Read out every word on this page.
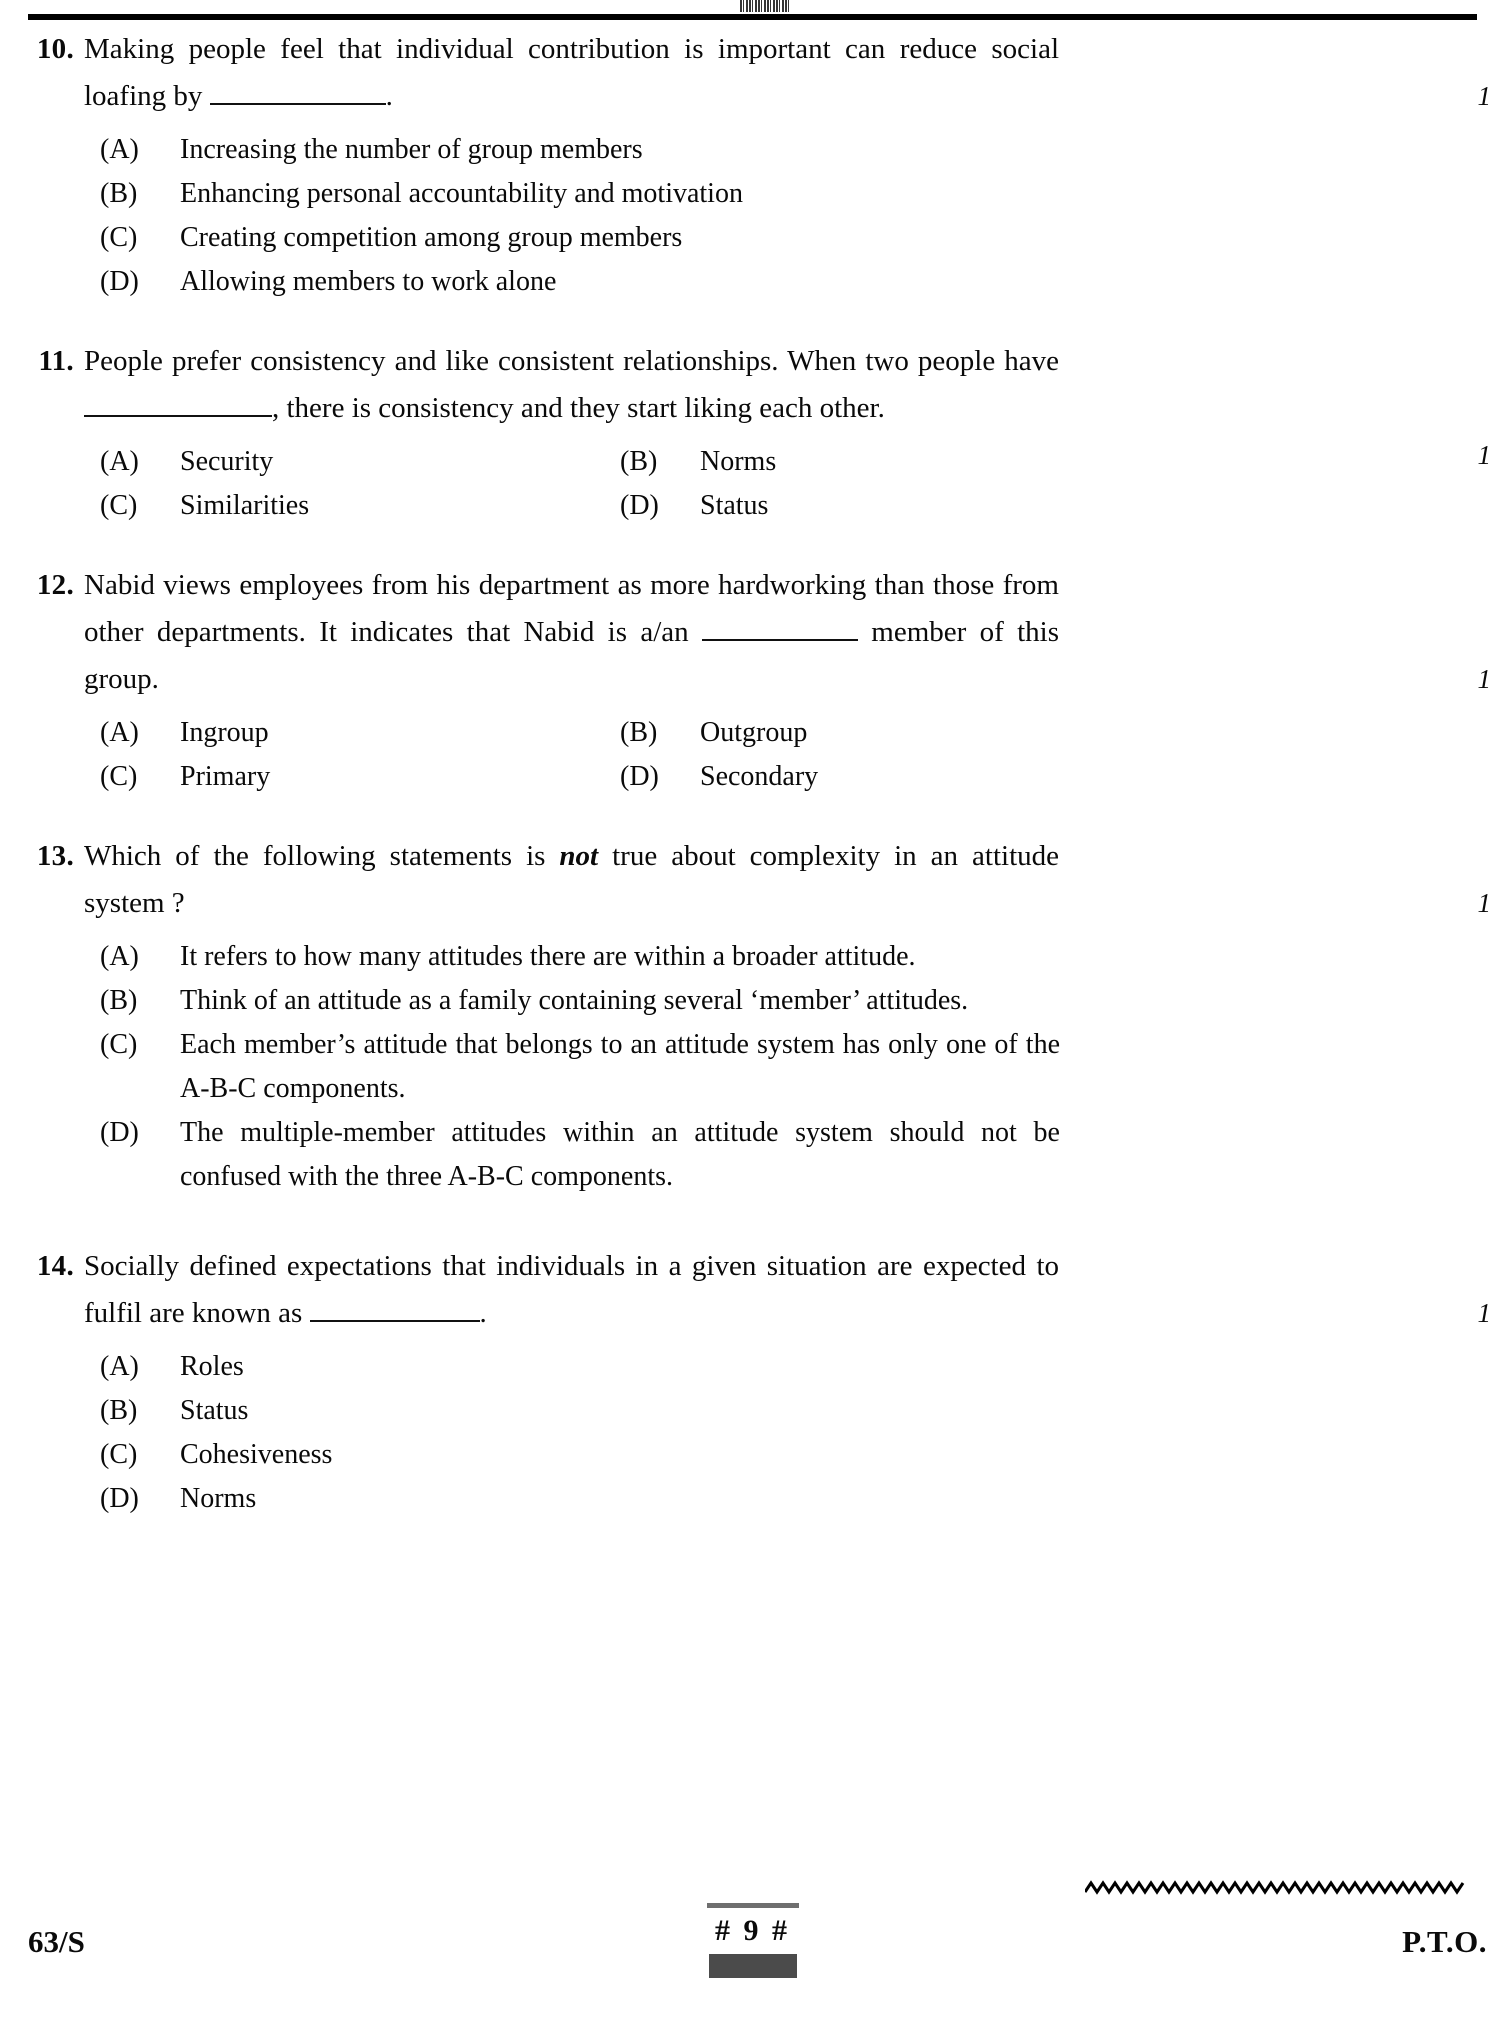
10.
1
Making people feel that individual contribution is important can reduce social loafing by	.
(A)	Increasing the number of group members
(B)	Enhancing personal accountability and motivation
(C)	Creating competition among group members
(D)	Allowing members to work alone
11.
1
People prefer consistency and like consistent relationships. When two people have , there is consistency and they start liking each other.
(A)	Security	(B)	Norms
(C)	Similarities	(D)	Status
12.
1
Nabid views employees from his department as more hardworking than those from other departments. It indicates that Nabid is a/an	member of this group.
(A)	Ingroup	(B)	Outgroup
(C)	Primary	(D)	Secondary
13.
1
Which of the following statements is not true about complexity in an attitude system ?
(A)	It refers to how many attitudes there are within a broader attitude.
(B)	Think of an attitude as a family containing several ‘member’ attitudes.
(C)	Each member’s attitude that belongs to an attitude system has only one of the A-B-C components.
(D)	The multiple-member attitudes within an attitude system should not be confused with the three A-B-C components.
14.
1
Socially defined expectations that individuals in a given situation are expected to fulfil are known as	.
(A)	Roles
(B)	Status
(C)	Cohesiveness
(D)	Norms
63/S	# 9 #	P.T.O.
